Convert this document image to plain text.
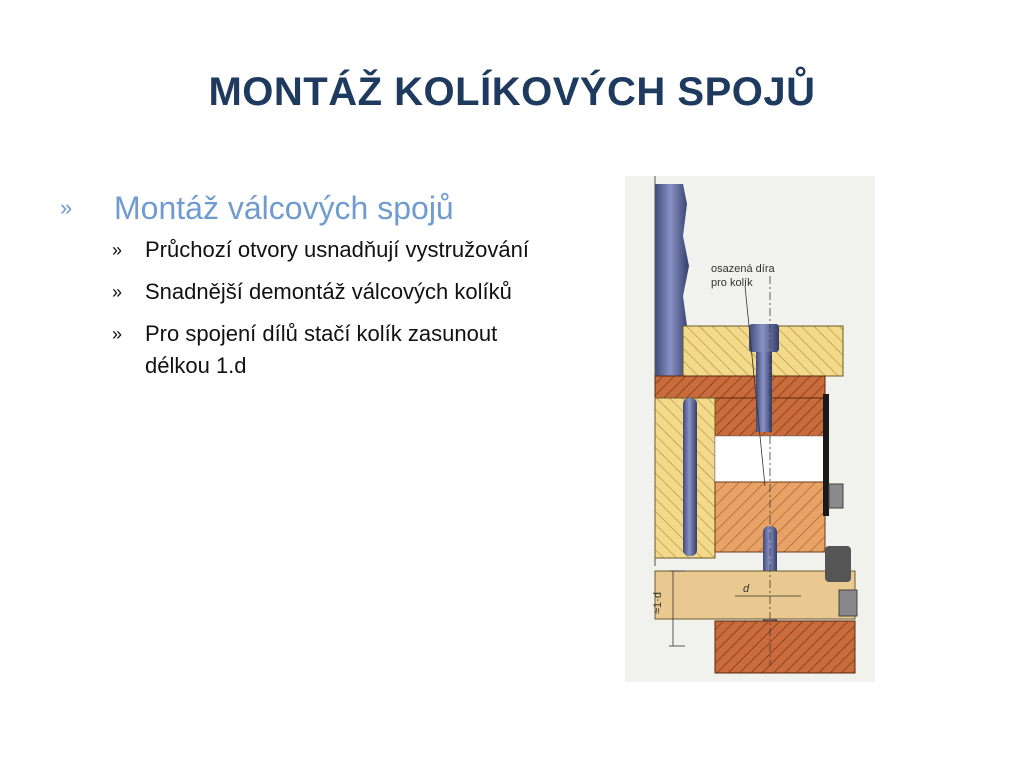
MONTÁŽ KOLÍKOVÝCH SPOJŮ
» Montáž válcových spojů
» Průchozí otvory usnadňují vystružování
» Snadnější demontáž válcových kolíků
» Pro spojení dílů stačí kolík zasunout délkou 1.d
osazená díra
pro kolík
≈1·d
d
